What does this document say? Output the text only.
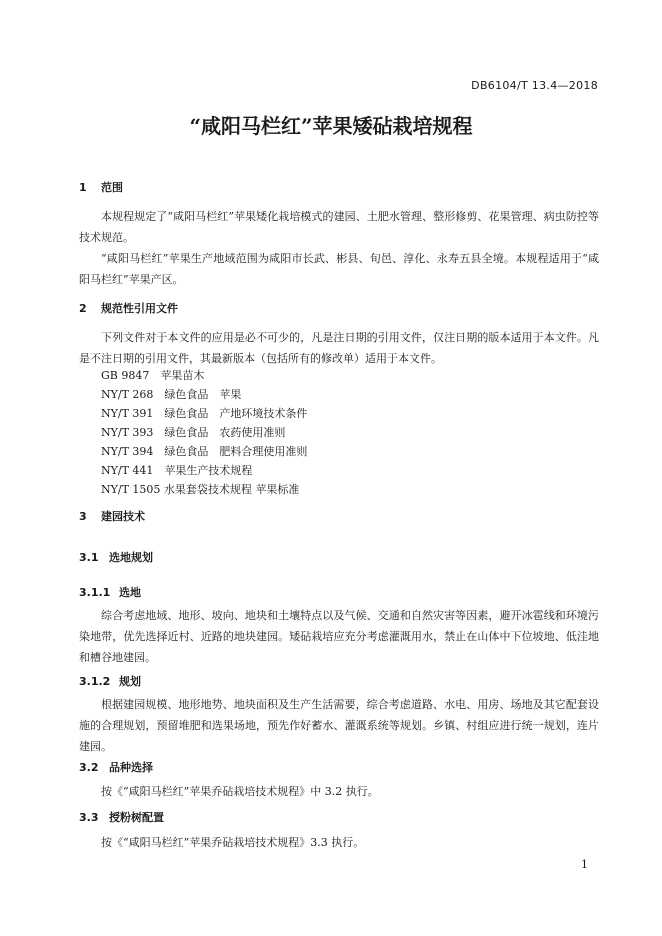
DB6104/T 13.4—2018
“咸阳马栏红”苹果矮砧栽培规程
1 范围
本规程规定了“咸阳马栏红”苹果矮化栽培模式的建园、土肥水管理、整形修剪、花果管理、病虫防控等技术规范。
“咸阳马栏红”苹果生产地域范围为咸阳市长武、彬县、旬邑、淳化、永寿五县全境。本规程适用于“咸阳马栏红”苹果产区。
2 规范性引用文件
下列文件对于本文件的应用是必不可少的，凡是注日期的引用文件，仅注日期的版本适用于本文件。凡是不注日期的引用文件，其最新版本（包括所有的修改单）适用于本文件。
GB 9847　苹果苗木
NY/T 268　绿色食品　苹果
NY/T 391　绿色食品　产地环境技术条件
NY/T 393　绿色食品　农药使用准则
NY/T 394　绿色食品　肥料合理使用准则
NY/T 441　苹果生产技术规程
NY/T 1505 水果套袋技术规程 苹果标准
3 建园技术
3.1 选地规划
3.1.1 选地
综合考虑地域、地形、坡向、地块和土壤特点以及气候、交通和自然灾害等因素，避开冰雹线和环境污染地带，优先选择近村、近路的地块建园。矮砧栽培应充分考虑灌溉用水，禁止在山体中下位坡地、低洼地和槽谷地建园。
3.1.2 规划
根据建园规模、地形地势、地块面积及生产生活需要，综合考虑道路、水电、用房、场地及其它配套设施的合理规划，预留堆肥和选果场地，预先作好蓄水、灌溉系统等规划。乡镇、村组应进行统一规划，连片建园。
3.2 品种选择
按《“咸阳马栏红”苹果乔砧栽培技术规程》中 3.2 执行。
3.3 授粉树配置
按《“咸阳马栏红”苹果乔砧栽培技术规程》3.3 执行。
1
